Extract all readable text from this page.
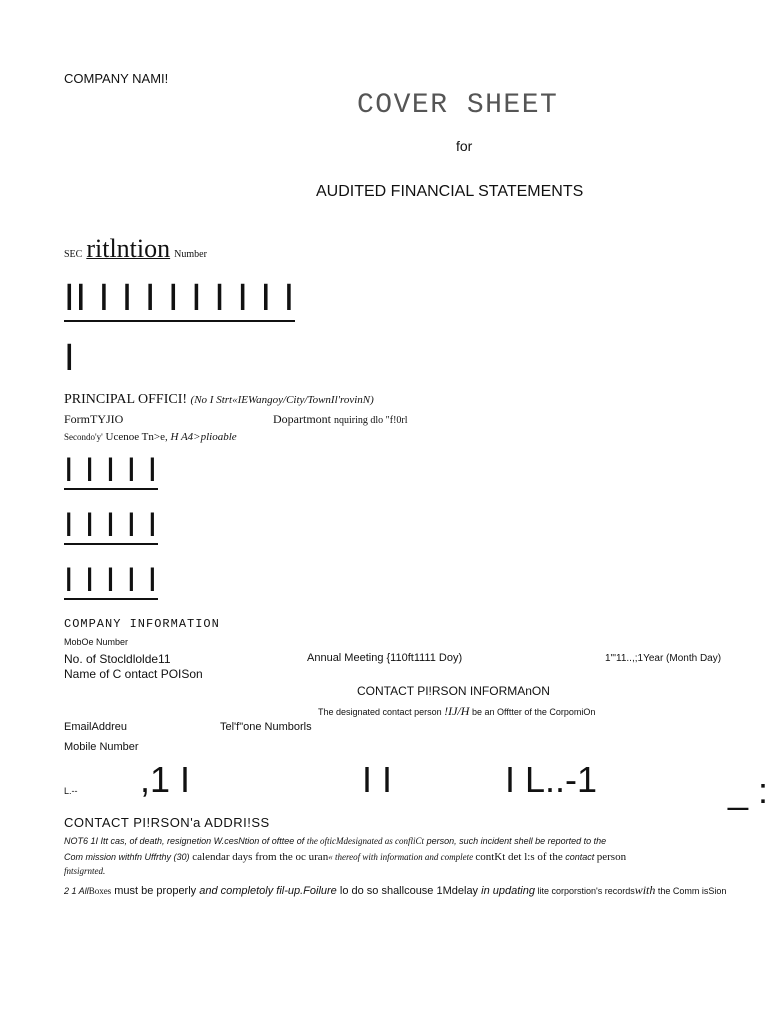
COMPANY NAMI!
COVER SHEET
for
AUDITED FINANCIAL STATEMENTS
SEC ritlntion Number
II I I I I I I I I I
I
PRINCIPAL OFFICI! (No I Strt«IEWangoy/City/TownIl'rovinN)
FormTYJIO	Dopartmont nquiring dlo "f!0rl
Secondo'y' Ucenoe Tn>e, H A4>plioable
I I I I I
I I I I I
I I I I I
COMPANY INFORMATION
MobOe Number
No. of Stocldlolde11	Annual Meeting {110ft1111 Doy)	1"'11..,;1Year (Month Day)
Name of C ontact POISon
CONTACT PI!RSON INFORMAnON
The designated contact person !IJ/H be an Offtter of the CorpomiOn
EmailAddreu	Tel'f"one Numborls
Mobile Number
L.-- ,1 I	I I	I L..-1	_ :
CONTACT PI!RSON'a ADDRI!SS
NOT6 1I Itt cas, of death, resignetion W.cesNtion of ofttee of the ofticMdesignated as confliCt person, such incident shell be reported to the
Com mission withfn Uffrthy (30) calendar days from the oc uran« thereof with information and complete contKt det l:s of the contact person
fntsigrnted.
2 1 AllBoxes must be properly and completoly fil-up.Foilure lo do so shallcouse 1Mdelay in updating lite corporstion's recordswith the Comm isSion
